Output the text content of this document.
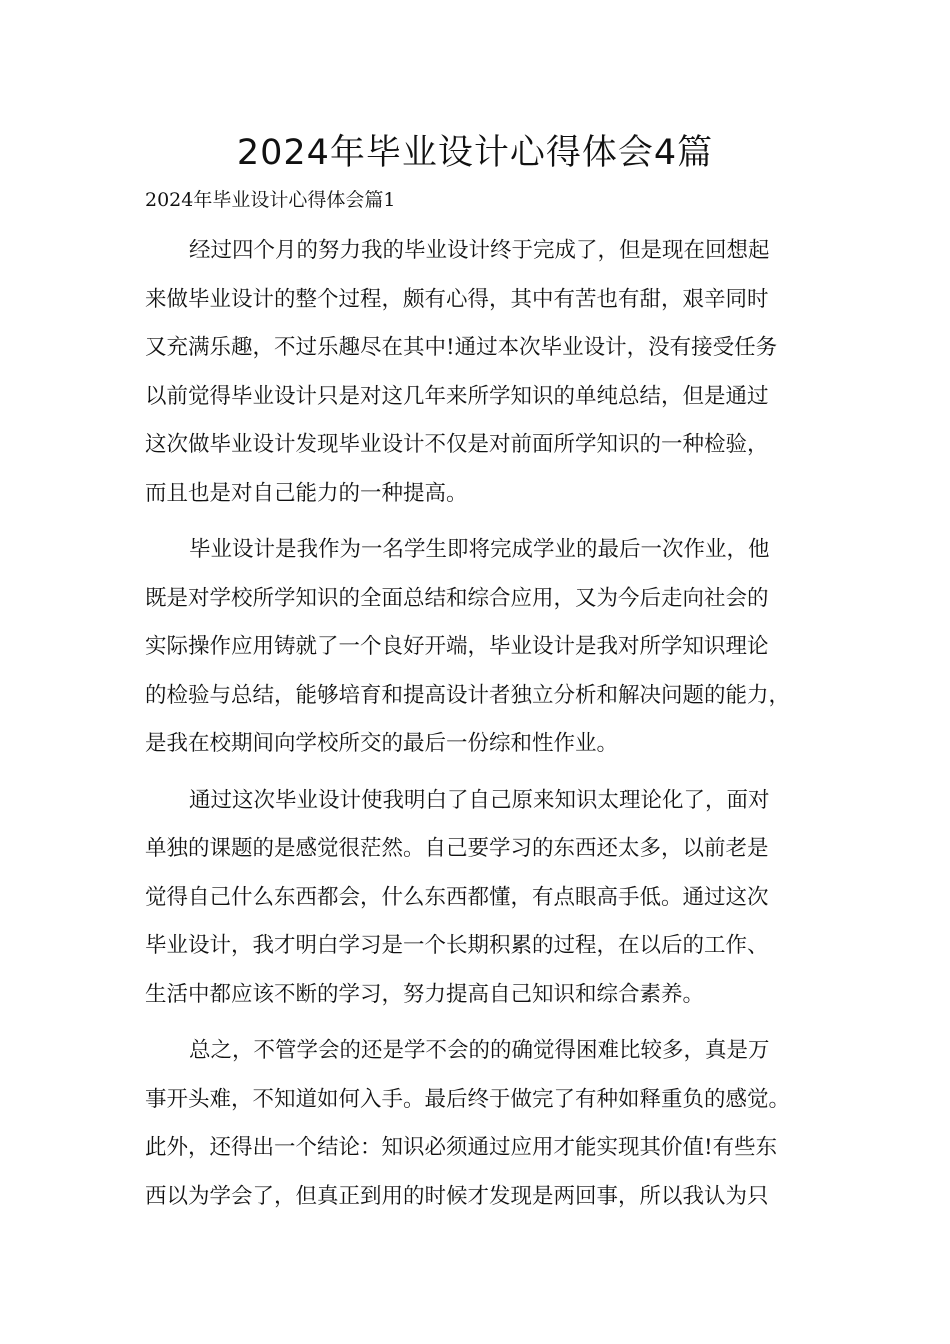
2024年毕业设计心得体会4篇
2024年毕业设计心得体会篇1

经过四个月的努力我的毕业设计终于完成了，但是现在回想起
来做毕业设计的整个过程，颇有心得，其中有苦也有甜，艰辛同时
又充满乐趣，不过乐趣尽在其中!通过本次毕业设计，没有接受任务
以前觉得毕业设计只是对这几年来所学知识的单纯总结，但是通过
这次做毕业设计发现毕业设计不仅是对前面所学知识的一种检验，
而且也是对自己能力的一种提高。

毕业设计是我作为一名学生即将完成学业的最后一次作业，他
既是对学校所学知识的全面总结和综合应用，又为今后走向社会的
实际操作应用铸就了一个良好开端，毕业设计是我对所学知识理论
的检验与总结，能够培育和提高设计者独立分析和解决问题的能力，
是我在校期间向学校所交的最后一份综和性作业。

通过这次毕业设计使我明白了自己原来知识太理论化了，面对
单独的课题的是感觉很茫然。自己要学习的东西还太多，以前老是
觉得自己什么东西都会，什么东西都懂，有点眼高手低。通过这次
毕业设计，我才明白学习是一个长期积累的过程，在以后的工作、
生活中都应该不断的学习，努力提高自己知识和综合素养。

总之，不管学会的还是学不会的的确觉得困难比较多，真是万
事开头难，不知道如何入手。最后终于做完了有种如释重负的感觉。
此外，还得出一个结论：知识必须通过应用才能实现其价值!有些东
西以为学会了，但真正到用的时候才发现是两回事，所以我认为只
